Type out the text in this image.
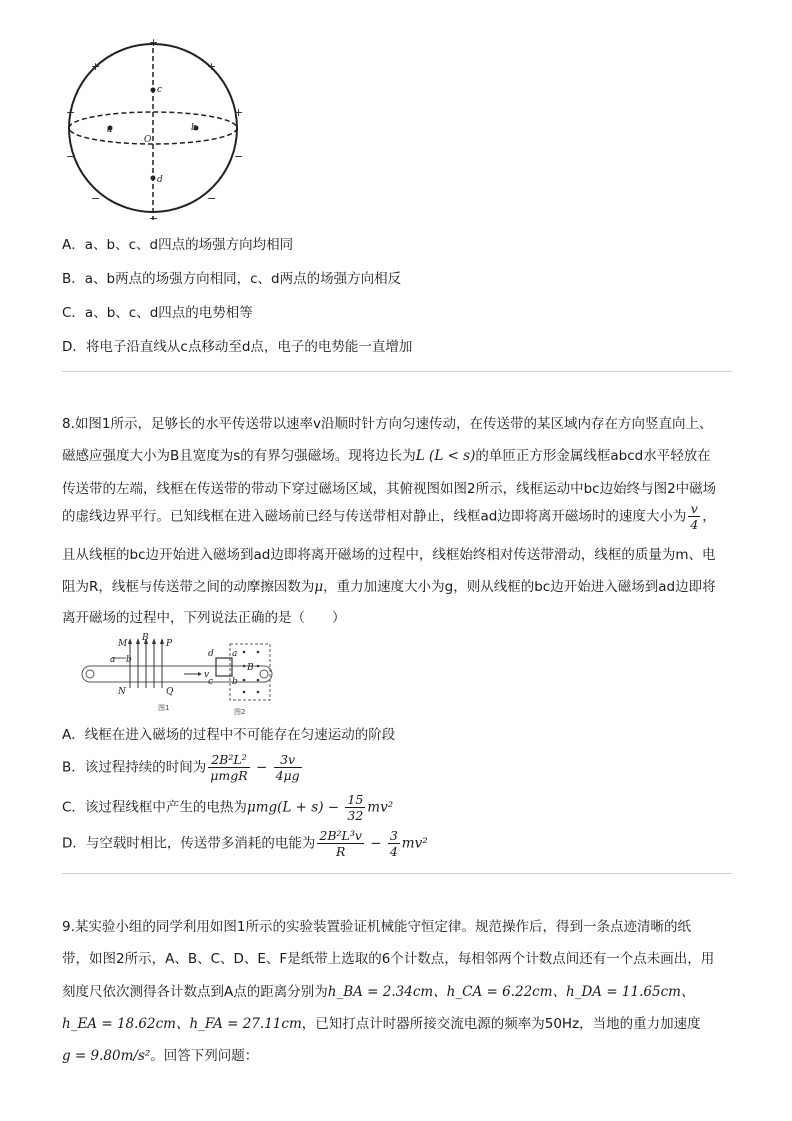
c
a	b
O
d
+
+	+
+	+
−	−
−	−
−
A．a、b、c、d四点的场强方向均相同
B．a、b两点的场强方向相同，c、d两点的场强方向相反
C．a、b、c、d四点的电势相等
D．将电子沿直线从c点移动至d点，电子的电势能一直增加
8.如图1所示，足够长的水平传送带以速率v沿顺时针方向匀速传动，在传送带的某区域内存在方向竖直向上、
磁感应强度大小为B且宽度为s的有界匀强磁场。现将边长为L (L < s)的单匝正方形金属线框abcd水平轻放在
传送带的左端，线框在传送带的带动下穿过磁场区域，其俯视图如图2所示，线框运动中bc边始终与图2中磁场
的虚线边界平行。已知线框在进入磁场前已经与传送带相对静止，线框ad边即将离开磁场时的速度大小为 $\frac{v}{4}$ ，
且从线框的bc边开始进入磁场到ad边即将离开磁场的过程中，线框始终相对传送带滑动，线框的质量为m、电
阻为R，线框与传送带之间的动摩擦因数为μ，重力加速度大小为g，则从线框的bc边开始进入磁场到ad边即将
离开磁场的过程中，下列说法正确的是（　　）
M
B
P
N	Q
v
a b
图1
d a
c b
B
图2
A．线框在进入磁场的过程中不可能存在匀速运动的阶段
B．该过程持续的时间为 $\frac{\text{2B²L²}}{\text{μmgR}} - \frac{3v}{4\mu g}$
C．该过程线框中产生的电热为$\mu mg(L + s) - \frac{15}{32} mv^2$
D．与空载时相比，传送带多消耗的电能为 $\frac{\text{2B²L³v}}{R} - \frac{3}{4} mv^2$
9.某实验小组的同学利用如图1所示的实验装置验证机械能守恒定律。规范操作后，得到一条点迹清晰的纸
带，如图2所示，A、B、C、D、E、F是纸带上选取的6个计数点，每相邻两个计数点间还有一个点未画出，用
刻度尺依次测得各计数点到A点的距离分别为h_BA = 2.34cm、h_CA = 6.22cm、h_DA = 11.65cm、
h_EA = 18.62cm、h_FA = 27.11cm，已知打点计时器所接交流电源的频率为50Hz，当地的重力加速度
g = 9.80m/s²。回答下列问题：
